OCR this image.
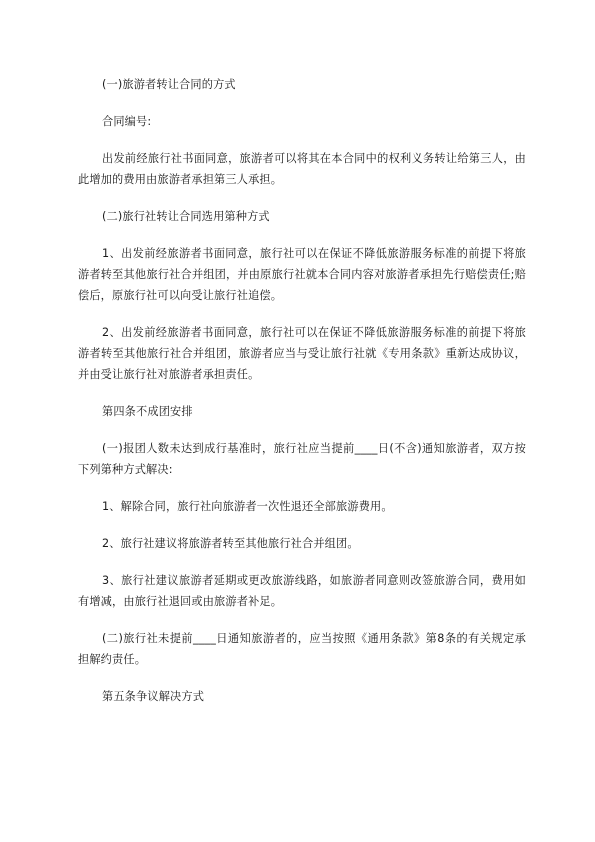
(一)旅游者转让合同的方式

合同编号:

出发前经旅行社书面同意，旅游者可以将其在本合同中的权利义务转让给第三人，由此增加的费用由旅游者承担第三人承担。

(二)旅行社转让合同选用第种方式

1、出发前经旅游者书面同意，旅行社可以在保证不降低旅游服务标准的前提下将旅游者转至其他旅行社合并组团，并由原旅行社就本合同内容对旅游者承担先行赔偿责任;赔偿后，原旅行社可以向受让旅行社追偿。

2、出发前经旅游者书面同意，旅行社可以在保证不降低旅游服务标准的前提下将旅游者转至其他旅行社合并组团，旅游者应当与受让旅行社就《专用条款》重新达成协议，并由受让旅行社对旅游者承担责任。

第四条不成团安排

(一)报团人数未达到成行基准时，旅行社应当提前____日(不含)通知旅游者，双方按下列第种方式解决:

1、解除合同，旅行社向旅游者一次性退还全部旅游费用。

2、旅行社建议将旅游者转至其他旅行社合并组团。

3、旅行社建议旅游者延期或更改旅游线路，如旅游者同意则改签旅游合同，费用如有增减，由旅行社退回或由旅游者补足。

(二)旅行社未提前____日通知旅游者的，应当按照《通用条款》第8条的有关规定承担解约责任。

第五条争议解决方式
